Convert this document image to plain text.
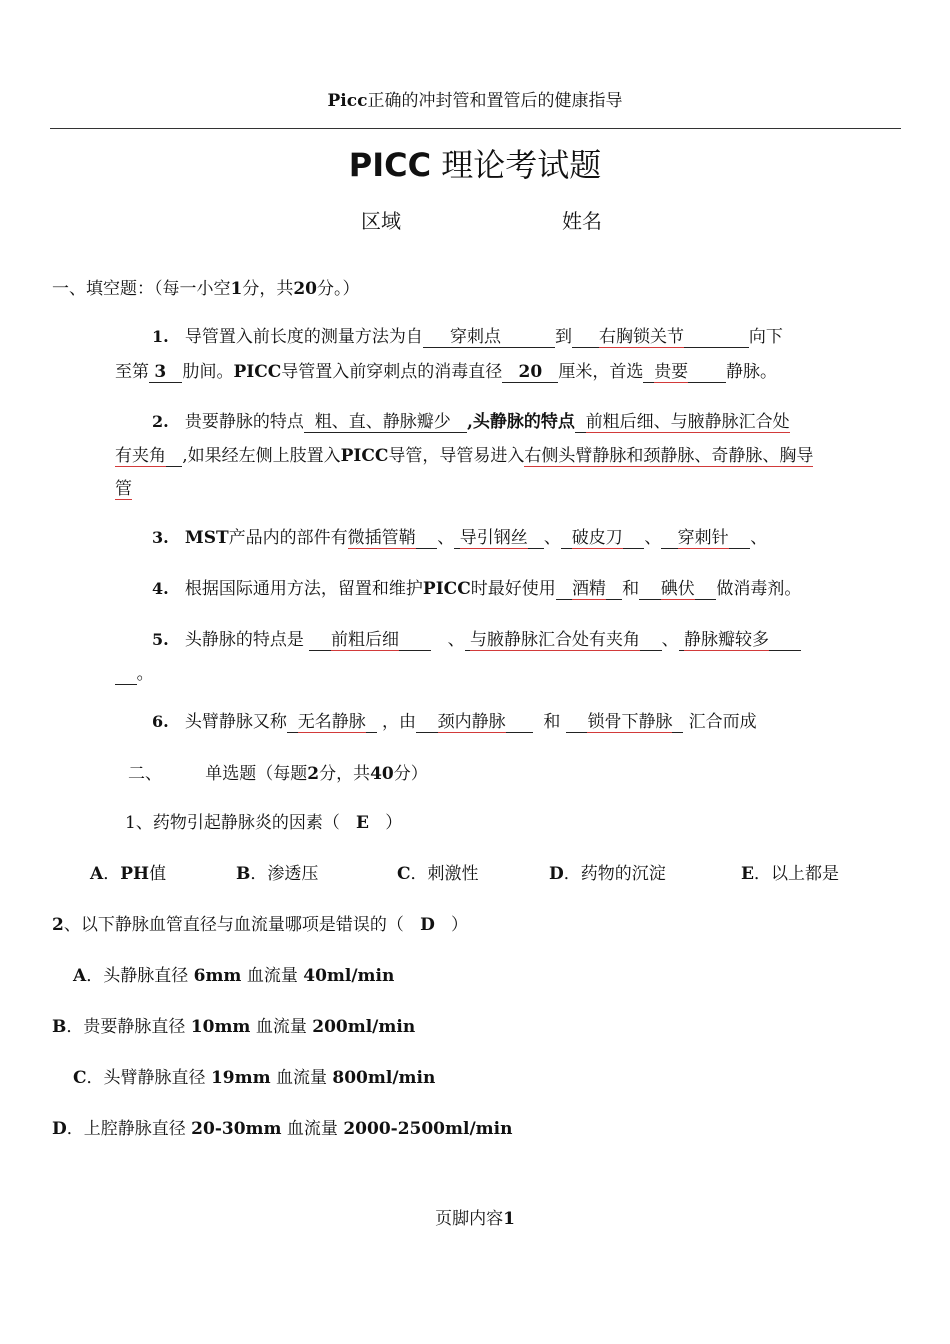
Picc正确的冲封管和置管后的健康指导
PICC 理论考试题
区域	姓名
一、填空题：（每一小空1分，共20分。）
1. 导管置入前长度的测量方法为自 穿刺点	到 右胸锁关节	向下
至第 3 肋间。PICC导管置入前穿刺点的消毒直径 20 厘米，首选 贵要 静脉。
2. 贵要静脉的特点 粗、直、静脉瓣少 ,头静脉的特点 前粗后细、与腋静脉汇合处
有夹角 ,如果经左侧上肢置入PICC导管，导管易进入右侧头臂静脉和颈静脉、奇静脉、胸导
管
3. MST产品内的部件有微插管鞘 、 导引钢丝 、 破皮刀 、 穿刺针 、
4. 根据国际通用方法，留置和维护PICC时最好使用 酒精 和 碘伏 做消毒剂。
5. 头静脉的特点是 前粗后细	、 与腋静脉汇合处有夹角 、 静脉瓣较多
。
6. 头臂静脉又称 无名静脉 ，由 颈内静脉 和 锁骨下静脉 汇合而成
二、	单选题（每题2分，共40分）
1、药物引起静脉炎的因素（ E ）
A．PH值	B．渗透压	C．刺激性	D．药物的沉淀	E．以上都是
2、以下静脉血管直径与血流量哪项是错误的（ D ）
A．头静脉直径 6mm 血流量 40ml/min
B．贵要静脉直径 10mm 血流量 200ml/min
C．头臂静脉直径 19mm 血流量 800ml/min
D．上腔静脉直径 20-30mm 血流量 2000-2500ml/min
页脚内容1
